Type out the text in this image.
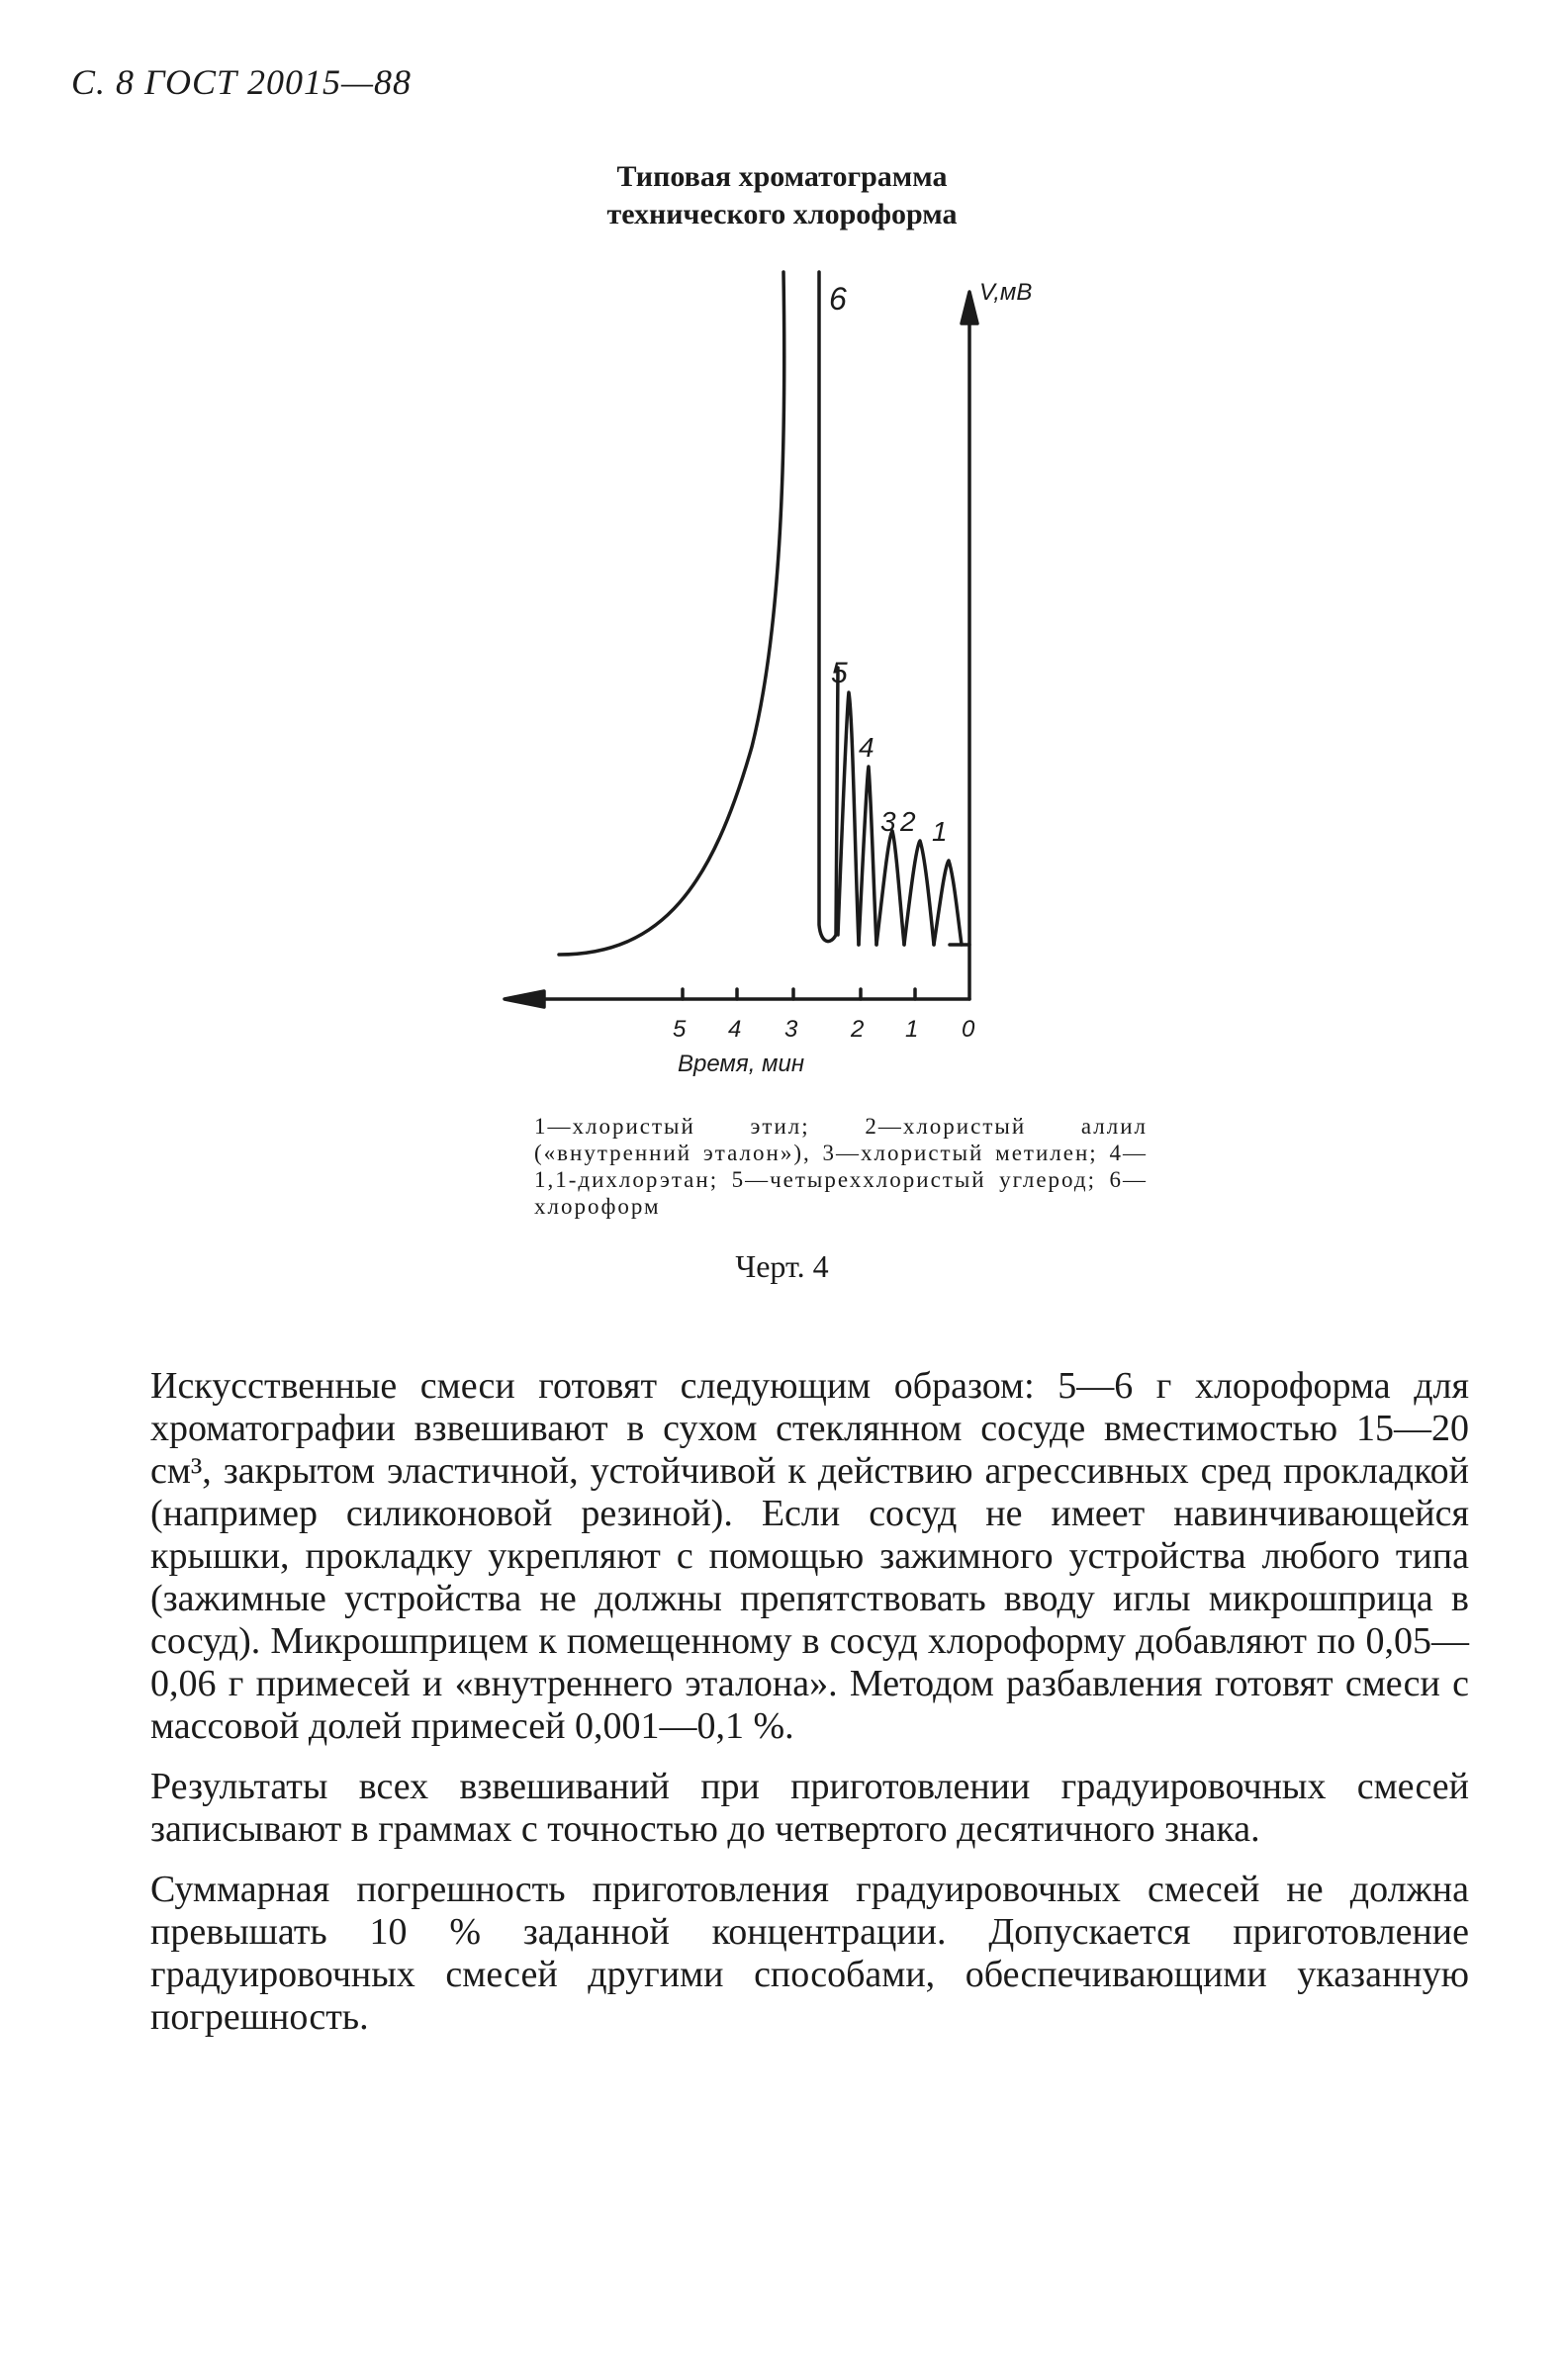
С. 8 ГОСТ 20015—88
Типовая хроматограмма
технического хлороформа
V,мВ
6
5
4
3 2 1
5 4 3 2 1 0
Время, мин
1—хлористый этил; 2—хлористый аллил («внутренний эталон»), 3—хлористый метилен; 4—1,1-дихлорэтан; 5—четыреххлористый углерод; 6—хлороформ
Черт. 4

Искусственные смеси готовят следующим образом: 5—6 г хлороформа для хроматографии взвешивают в сухом стеклянном сосуде вместимостью 15—20 см³, закрытом эластичной, устойчивой к действию агрессивных сред прокладкой (например силиконовой резиной). Если сосуд не имеет навинчивающейся крышки, прокладку укрепляют с помощью зажимного устройства любого типа (зажимные устройства не должны препятствовать вводу иглы микрошприца в сосуд). Микрошприцем к помещенному в сосуд хлороформу добавляют по 0,05—0,06 г примесей и «внутреннего эталона». Методом разбавления готовят смеси с массовой долей примесей 0,001—0,1 %.

Результаты всех взвешиваний при приготовлении градуировочных смесей записывают в граммах с точностью до четвертого десятичного знака.

Суммарная погрешность приготовления градуировочных смесей не должна превышать 10 % заданной концентрации. Допускается приготовление градуировочных смесей другими способами, обеспечивающими указанную погрешность.
